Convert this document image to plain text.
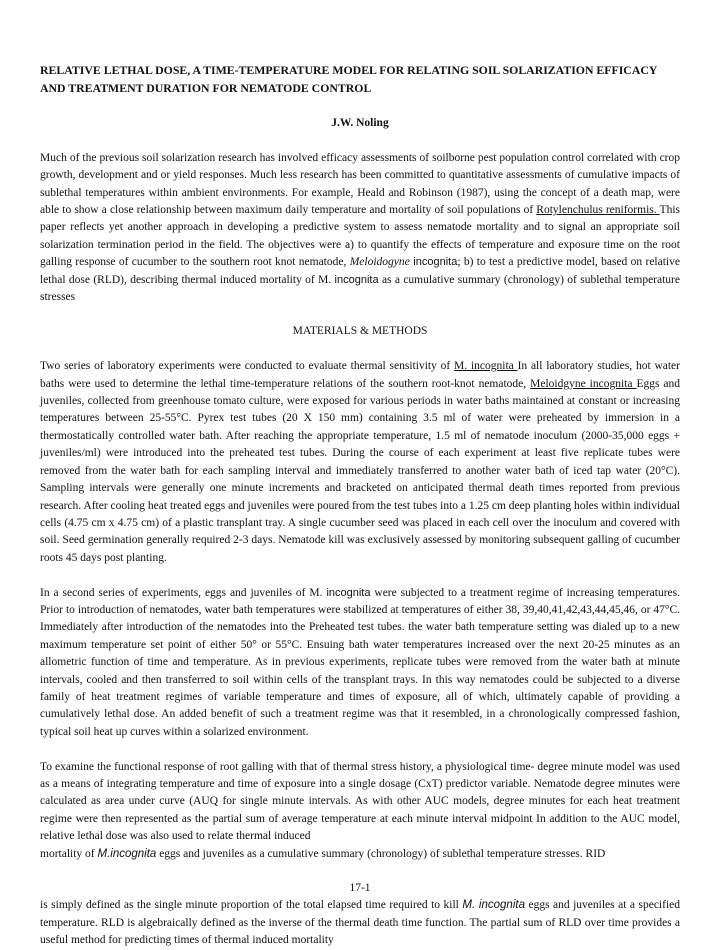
RELATIVE LETHAL DOSE, A TIME-TEMPERATURE MODEL FOR RELATING SOIL SOLARIZATION EFFICACY AND TREATMENT DURATION FOR NEMATODE CONTROL
J.W. Noling

Much of the previous soil solarization research has involved efficacy assessments of soilborne pest population control correlated with crop growth, development and or yield responses. Much less research has been committed to quantitative assessments of cumulative impacts of sublethal temperatures within ambient environments. For example, Heald and Robinson (1987), using the concept of a death map, were able to show a close relationship between maximum daily temperature and mortality of soil populations of Rotylenchulus reniformis. This paper reflects yet another approach in developing a predictive system to assess nematode mortality and to signal an appropriate soil solarization termination period in the field. The objectives were a) to quantify the effects of temperature and exposure time on the root galling response of cucumber to the southern root knot nematode, Meloidogyne incognita; b) to test a predictive model, based on relative lethal dose (RLD), describing thermal induced mortality of M. incognita as a cumulative summary (chronology) of sublethal temperature stresses

MATERIALS & METHODS

Two series of laboratory experiments were conducted to evaluate thermal sensitivity of M. incognita In all laboratory studies, hot water baths were used to determine the lethal time-temperature relations of the southern root-knot nematode, Meloidgyne incognita Eggs and juveniles, collected from greenhouse tomato culture, were exposed for various periods in water baths maintained at constant or increasing temperatures between 25-55°C. Pyrex test tubes (20 X 150 mm) containing 3.5 ml of water were preheated by immersion in a thermostatically controlled water bath. After reaching the appropriate temperature, 1.5 ml of nematode inoculum (2000-35,000 eggs + juveniles/ml) were introduced into the preheated test tubes. During the course of each experiment at least five replicate tubes were removed from the water bath for each sampling interval and immediately transferred to another water bath of iced tap water (20°C). Sampling intervals were generally one minute increments and bracketed on anticipated thermal death times reported from previous research. After cooling heat treated eggs and juveniles were poured from the test tubes into a 1.25 cm deep planting holes within individual cells (4.75 cm x 4.75 cm) of a plastic transplant tray. A single cucumber seed was placed in each cell over the inoculum and covered with soil. Seed germination generally required 2-3 days. Nematode kill was exclusively assessed by monitoring subsequent galling of cucumber roots 45 days post planting.

In a second series of experiments, eggs and juveniles of M. incognita were subjected to a treatment regime of increasing temperatures. Prior to introduction of nematodes, water bath temperatures were stabilized at temperatures of either 38, 39,40,41,42,43,44,45,46, or 47°C. Immediately after introduction of the nematodes into the Preheated test tubes. the water bath temperature setting was dialed up to a new maximum temperature set point of either 50° or 55°C. Ensuing bath water temperatures increased over the next 20-25 minutes as an allometric function of time and temperature. As in previous experiments, replicate tubes were removed from the water bath at minute intervals, cooled and then transferred to soil within cells of the transplant trays. In this way nematodes could be subjected to a diverse family of heat treatment regimes of variable temperature and times of exposure, all of which, ultimately capable of providing a cumulatively lethal dose. An added benefit of such a treatment regime was that it resembled, in a chronologically compressed fashion, typical soil heat up curves within a solarized environment.

To examine the functional response of root galling with that of thermal stress history, a physiological time- degree minute model was used as a means of integrating temperature and time of exposure into a single dosage (CxT) predictor variable. Nematode degree minutes were calculated as area under curve (AUQ for single minute intervals. As with other AUC models, degree minutes for each heat treatment regime were then represented as the partial sum of average temperature at each minute interval midpoint In addition to the AUC model, relative lethal dose was also used to relate thermal induced
mortality of M.incognita eggs and juveniles as a cumulative summary (chronology) of sublethal temperature stresses. RID

17-1

is simply defined as the single minute proportion of the total elapsed time required to kill M. incognita eggs and juveniles at a specified temperature. RLD is algebraically defined as the inverse of the thermal death time function. The partial sum of RLD over time provides a useful method for predicting times of thermal induced mortality
